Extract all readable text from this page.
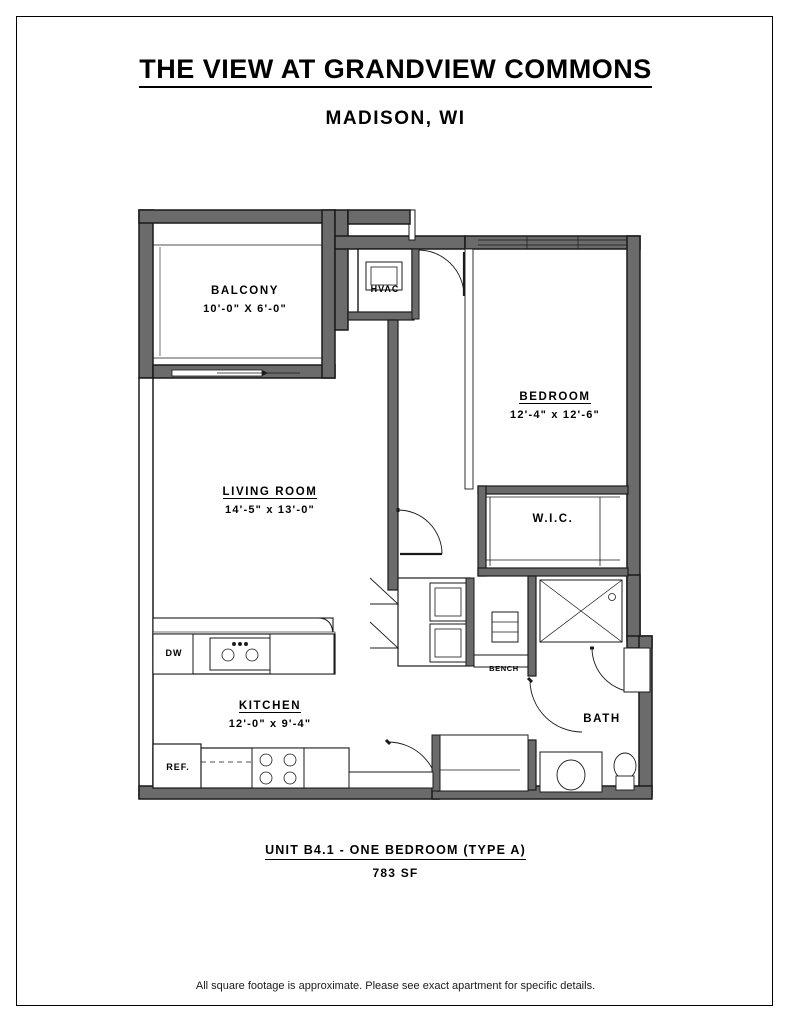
THE VIEW AT GRANDVIEW COMMONS
MADISON, WI
BALCONY
10'-0" X 6'-0"
HVAC
BEDROOM
12'-4" x 12'-6"
LIVING ROOM
14'-5" x 13'-0"
W.I.C.
KITCHEN
12'-0" x 9'-4"	BATH
BENCH
DW
REF.
UNIT B4.1 - ONE BEDROOM (TYPE A)
783 SF
All square footage is approximate. Please see exact apartment for specific details.
